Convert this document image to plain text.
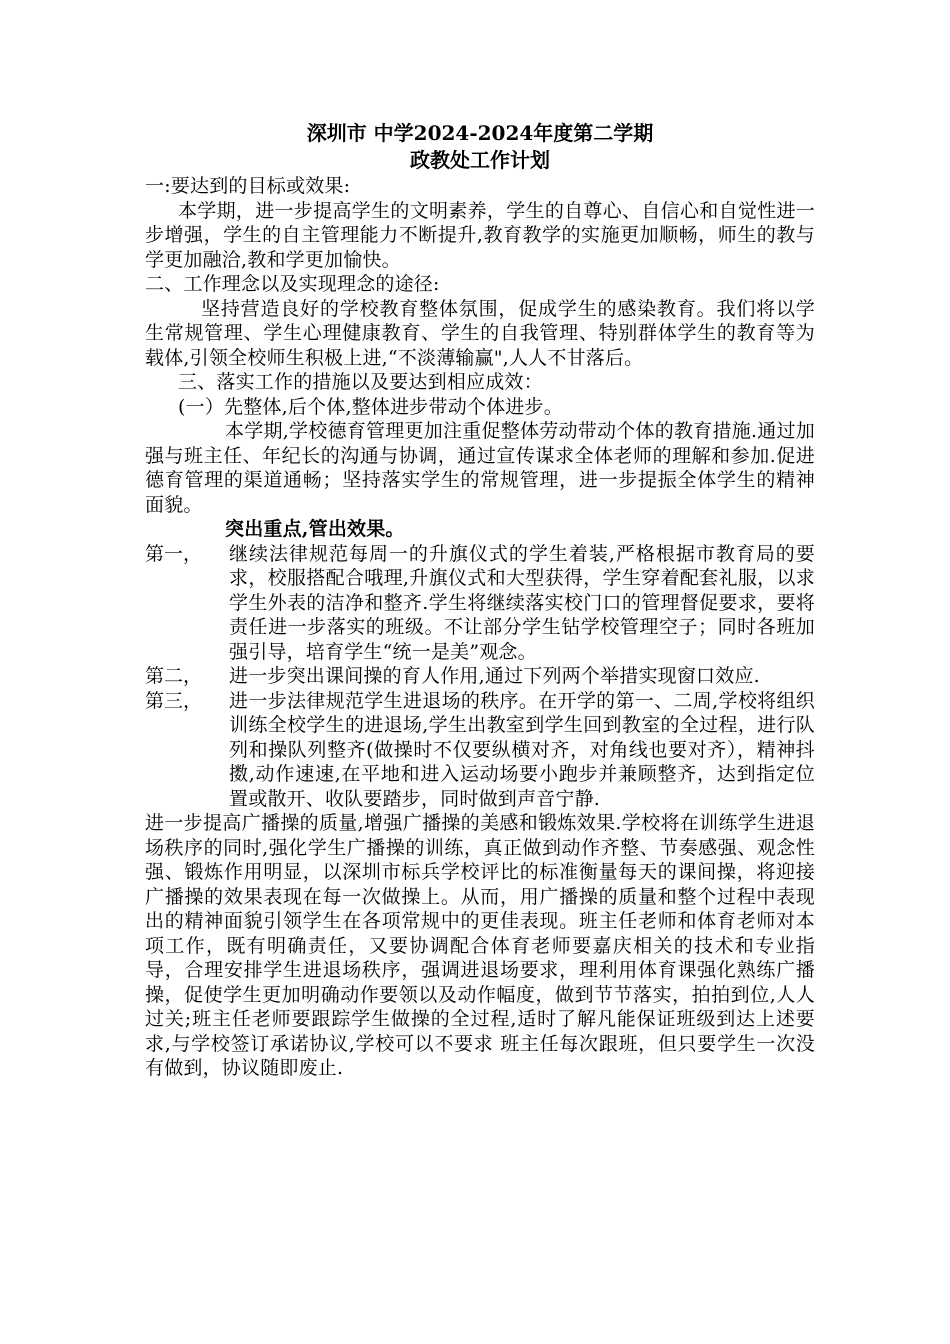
深圳市 中学2024-2024年度第二学期
政教处工作计划

一:要达到的目标或效果:

本学期，进一步提高学生的文明素养，学生的自尊心、自信心和自觉性进一步增强，学生的自主管理能力不断提升,教育教学的实施更加顺畅，师生的教与学更加融洽,教和学更加愉快。

二、工作理念以及实现理念的途径:

坚持营造良好的学校教育整体氛围，促成学生的感染教育。我们将以学生常规管理、学生心理健康教育、学生的自我管理、特别群体学生的教育等为载体,引领全校师生积极上进,“不淡薄输赢",人人不甘落后。

三、落实工作的措施以及要达到相应成效：

(一）先整体,后个体,整体进步带动个体进步。

本学期,学校德育管理更加注重促整体劳动带动个体的教育措施.通过加强与班主任、年纪长的沟通与协调，通过宣传谋求全体老师的理解和参加.促进德育管理的渠道通畅；坚持落实学生的常规管理，进一步提振全体学生的精神面貌。

突出重点,管出效果。

第一，	继续法律规范每周一的升旗仪式的学生着装,严格根据市教育局的要求，校服搭配合哦理,升旗仪式和大型获得，学生穿着配套礼服，以求学生外表的洁净和整齐.学生将继续落实校门口的管理督促要求，要将责任进一步落实的班级。不让部分学生钻学校管理空子；同时各班加强引导，培育学生“统一是美”观念。
第二，	进一步突出课间操的育人作用,通过下列两个举措实现窗口效应.
第三，	进一步法律规范学生进退场的秩序。在开学的第一、二周,学校将组织训练全校学生的进退场,学生出教室到学生回到教室的全过程，进行队列和操队列整齐(做操时不仅要纵横对齐，对角线也要对齐），精神抖擞,动作速速,在平地和进入运动场要小跑步并兼顾整齐，达到指定位置或散开、收队要踏步，同时做到声音宁静.

进一步提高广播操的质量,增强广播操的美感和锻炼效果.学校将在训练学生进退场秩序的同时,强化学生广播操的训练，真正做到动作齐整、节奏感强、观念性强、锻炼作用明显，以深圳市标兵学校评比的标准衡量每天的课间操，将迎接广播操的效果表现在每一次做操上。从而，用广播操的质量和整个过程中表现出的精神面貌引领学生在各项常规中的更佳表现。班主任老师和体育老师对本项工作，既有明确责任，又要协调配合体育老师要嘉庆相关的技术和专业指导，合理安排学生进退场秩序，强调进退场要求，理利用体育课强化熟练广播操，促使学生更加明确动作要领以及动作幅度，做到节节落实，拍拍到位,人人过关;班主任老师要跟踪学生做操的全过程,适时了解凡能保证班级到达上述要求,与学校签订承诺协议,学校可以不要求 班主任每次跟班，但只要学生一次没有做到，协议随即废止.
